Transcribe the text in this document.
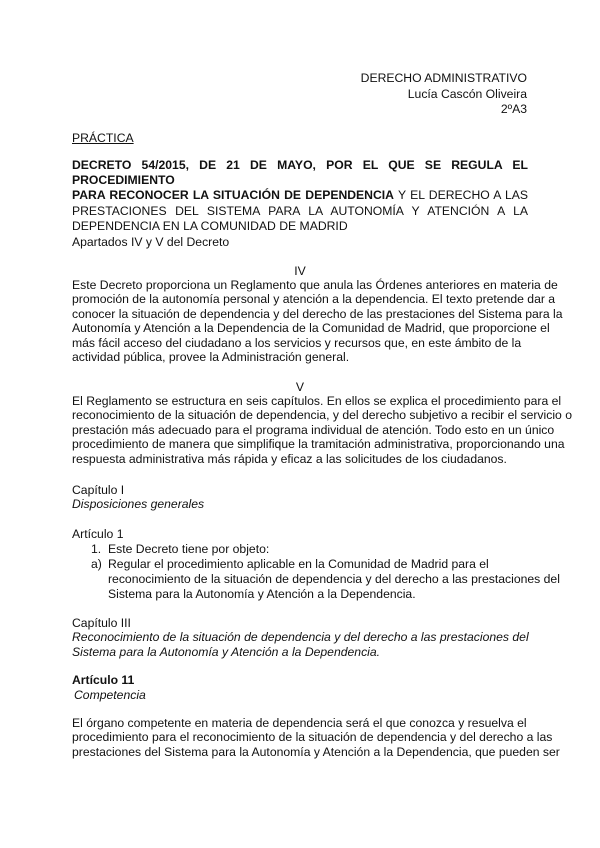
DERECHO ADMINISTRATIVO
Lucía Cascón Oliveira
2ºA3
PRÁCTICA
DECRETO 54/2015, DE 21 DE MAYO, POR EL QUE SE REGULA EL PROCEDIMIENTO
PARA RECONOCER LA SITUACIÓN DE DEPENDENCIA Y EL DERECHO A LAS
PRESTACIONES DEL SISTEMA PARA LA AUTONOMÍA Y ATENCIÓN A LA
DEPENDENCIA EN LA COMUNIDAD DE MADRID
Apartados IV y V del Decreto
IV
Este Decreto proporciona un Reglamento que anula las Órdenes anteriores en materia de
promoción de la autonomía personal y atención a la dependencia. El texto pretende dar a
conocer la situación de dependencia y del derecho de las prestaciones del Sistema para la
Autonomía y Atención a la Dependencia de la Comunidad de Madrid, que proporcione el
más fácil acceso del ciudadano a los servicios y recursos que, en este ámbito de la
actividad pública, provee la Administración general.
V
El Reglamento se estructura en seis capítulos. En ellos se explica el procedimiento para el
reconocimiento de la situación de dependencia, y del derecho subjetivo a recibir el servicio o
prestación más adecuado para el programa individual de atención. Todo esto en un único
procedimiento de manera que simplifique la tramitación administrativa, proporcionando una
respuesta administrativa más rápida y eficaz a las solicitudes de los ciudadanos.
Capítulo I
Disposiciones generales
Artículo 1
1. Este Decreto tiene por objeto:
a) Regular el procedimiento aplicable en la Comunidad de Madrid para el
reconocimiento de la situación de dependencia y del derecho a las prestaciones del
Sistema para la Autonomía y Atención a la Dependencia.
Capítulo III
Reconocimiento de la situación de dependencia y del derecho a las prestaciones del
Sistema para la Autonomía y Atención a la Dependencia.
Artículo 11
Competencia
El órgano competente en materia de dependencia será el que conozca y resuelva el
procedimiento para el reconocimiento de la situación de dependencia y del derecho a las
prestaciones del Sistema para la Autonomía y Atención a la Dependencia, que pueden ser
